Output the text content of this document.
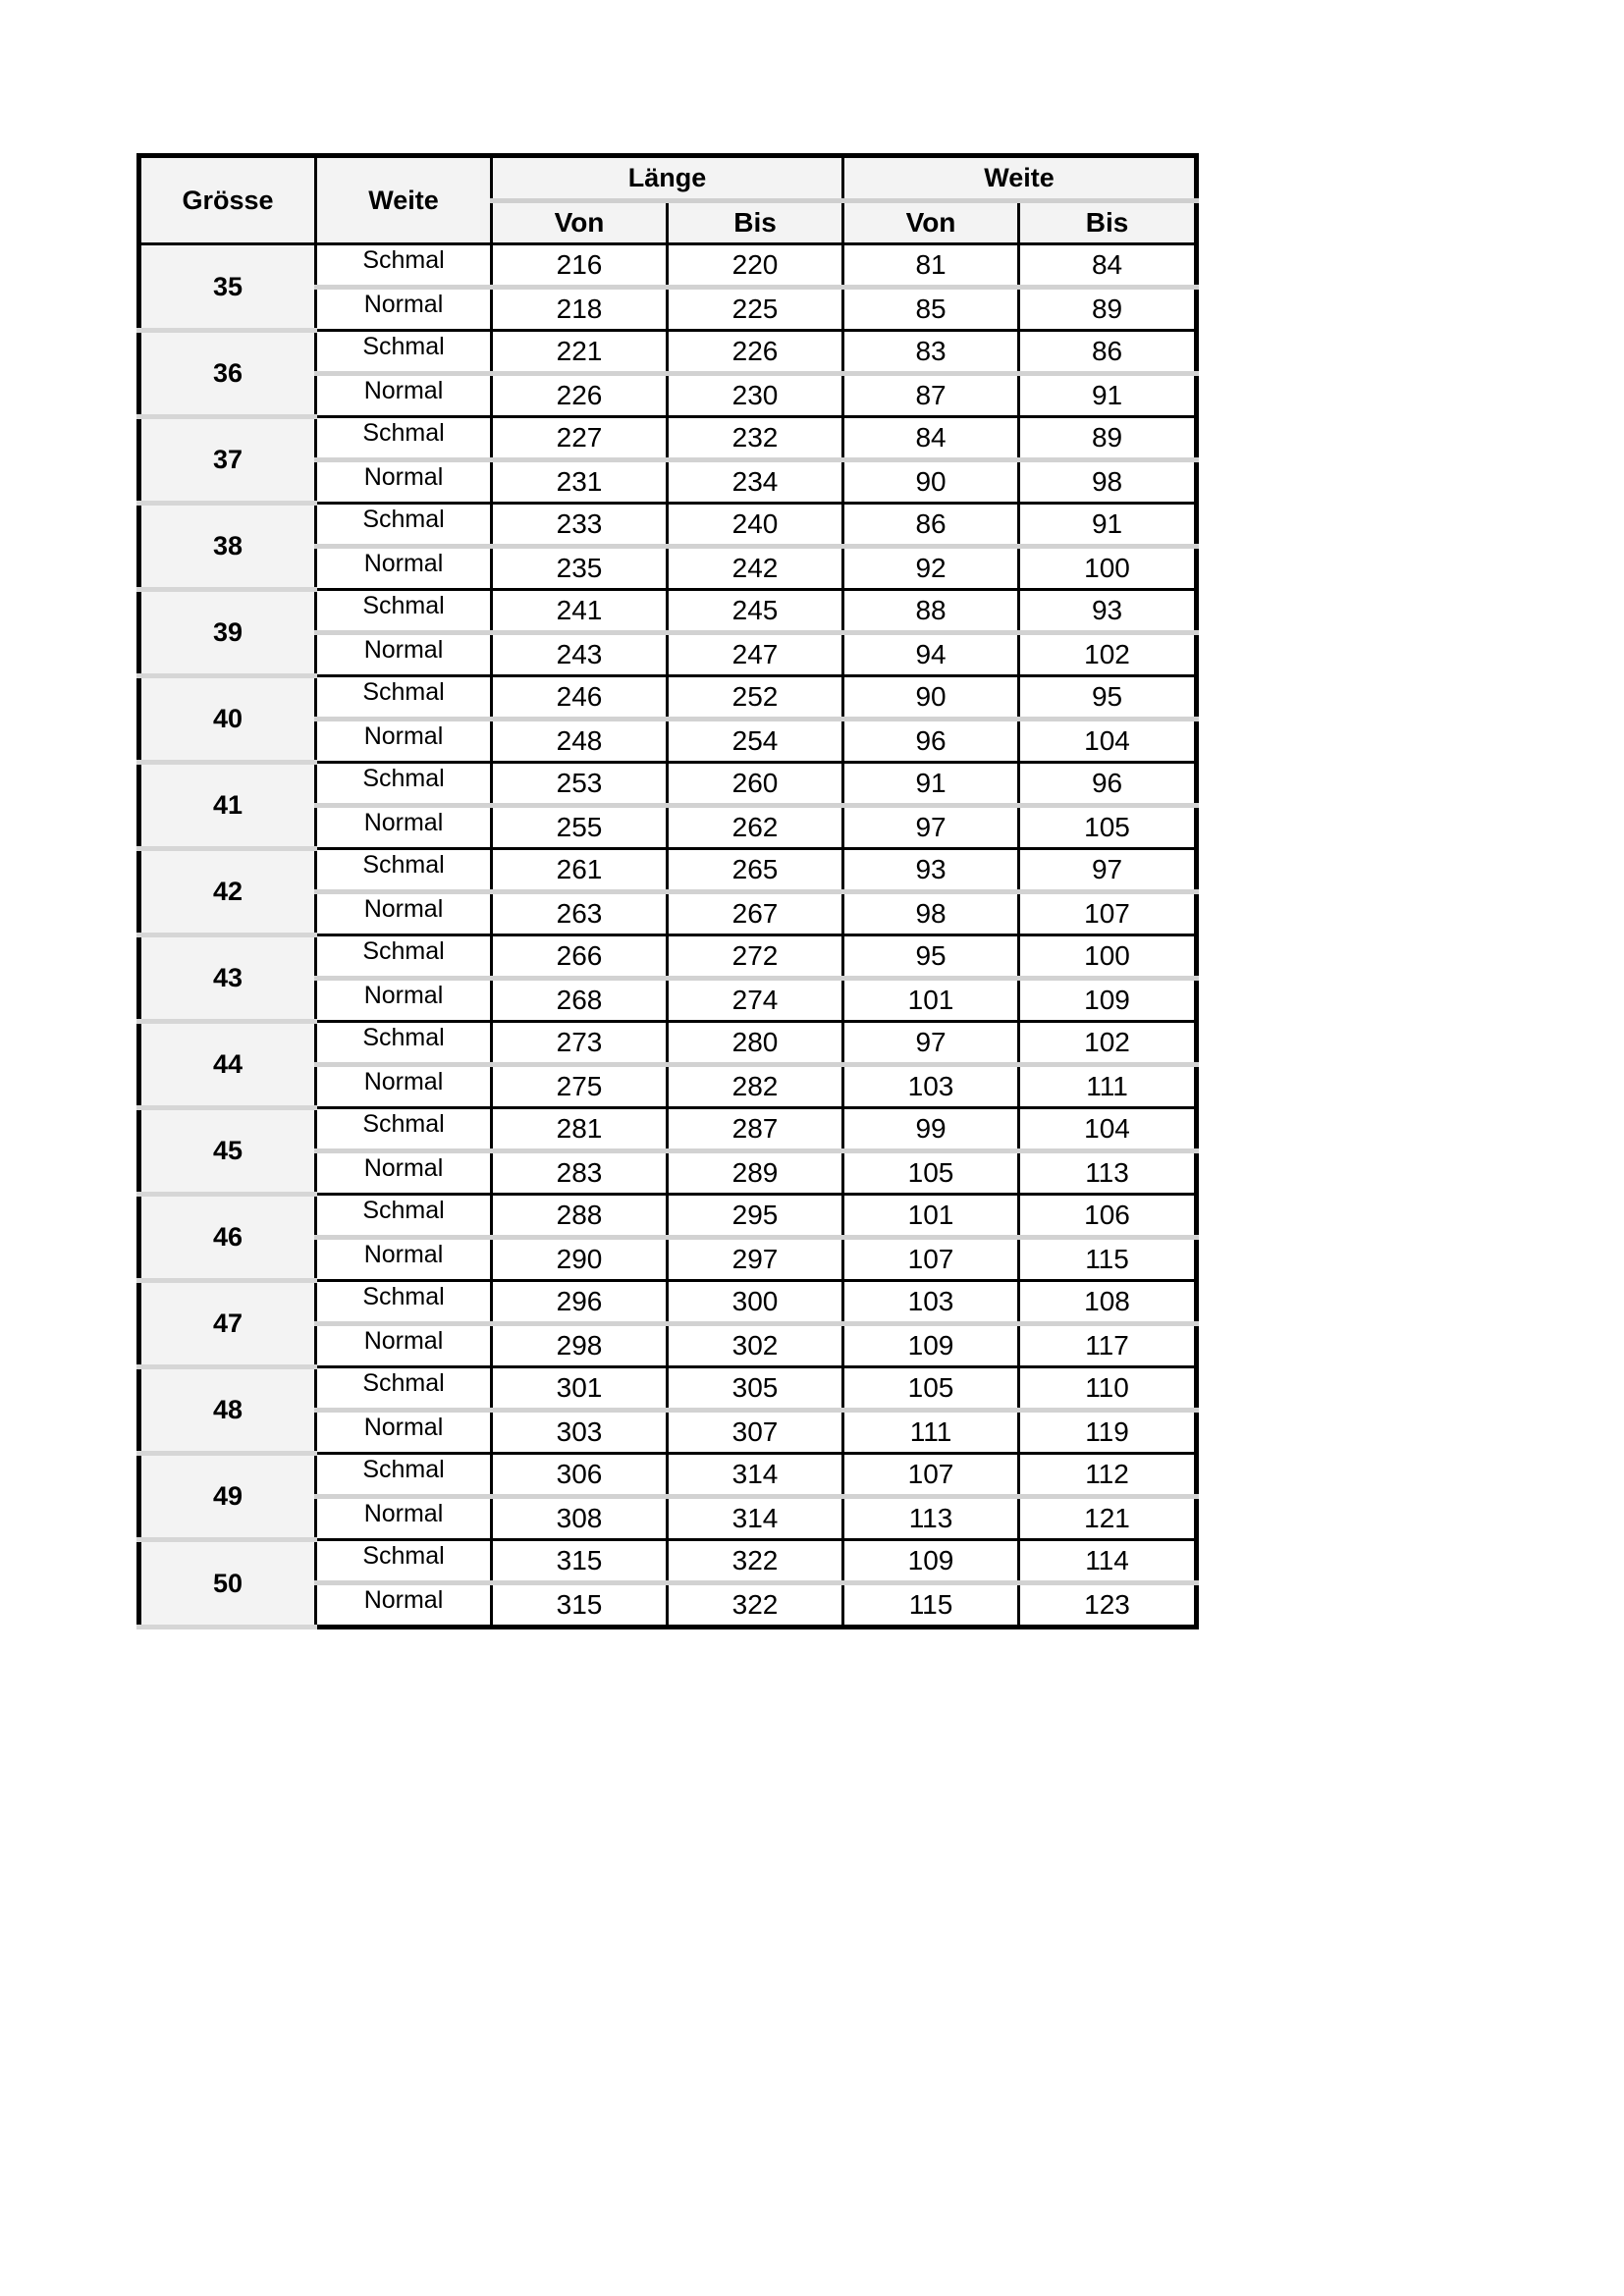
Grösse	Weite	Länge		Weite	
		Von	Bis	Von	Bis
35	Schmal	216	220	81	84
	Normal	218	225	85	89
36	Schmal	221	226	83	86
	Normal	226	230	87	91
37	Schmal	227	232	84	89
	Normal	231	234	90	98
38	Schmal	233	240	86	91
	Normal	235	242	92	100
39	Schmal	241	245	88	93
	Normal	243	247	94	102
40	Schmal	246	252	90	95
	Normal	248	254	96	104
41	Schmal	253	260	91	96
	Normal	255	262	97	105
42	Schmal	261	265	93	97
	Normal	263	267	98	107
43	Schmal	266	272	95	100
	Normal	268	274	101	109
44	Schmal	273	280	97	102
	Normal	275	282	103	111
45	Schmal	281	287	99	104
	Normal	283	289	105	113
46	Schmal	288	295	101	106
	Normal	290	297	107	115
47	Schmal	296	300	103	108
	Normal	298	302	109	117
48	Schmal	301	305	105	110
	Normal	303	307	111	119
49	Schmal	306	314	107	112
	Normal	308	314	113	121
50	Schmal	315	322	109	114
	Normal	315	322	115	123
